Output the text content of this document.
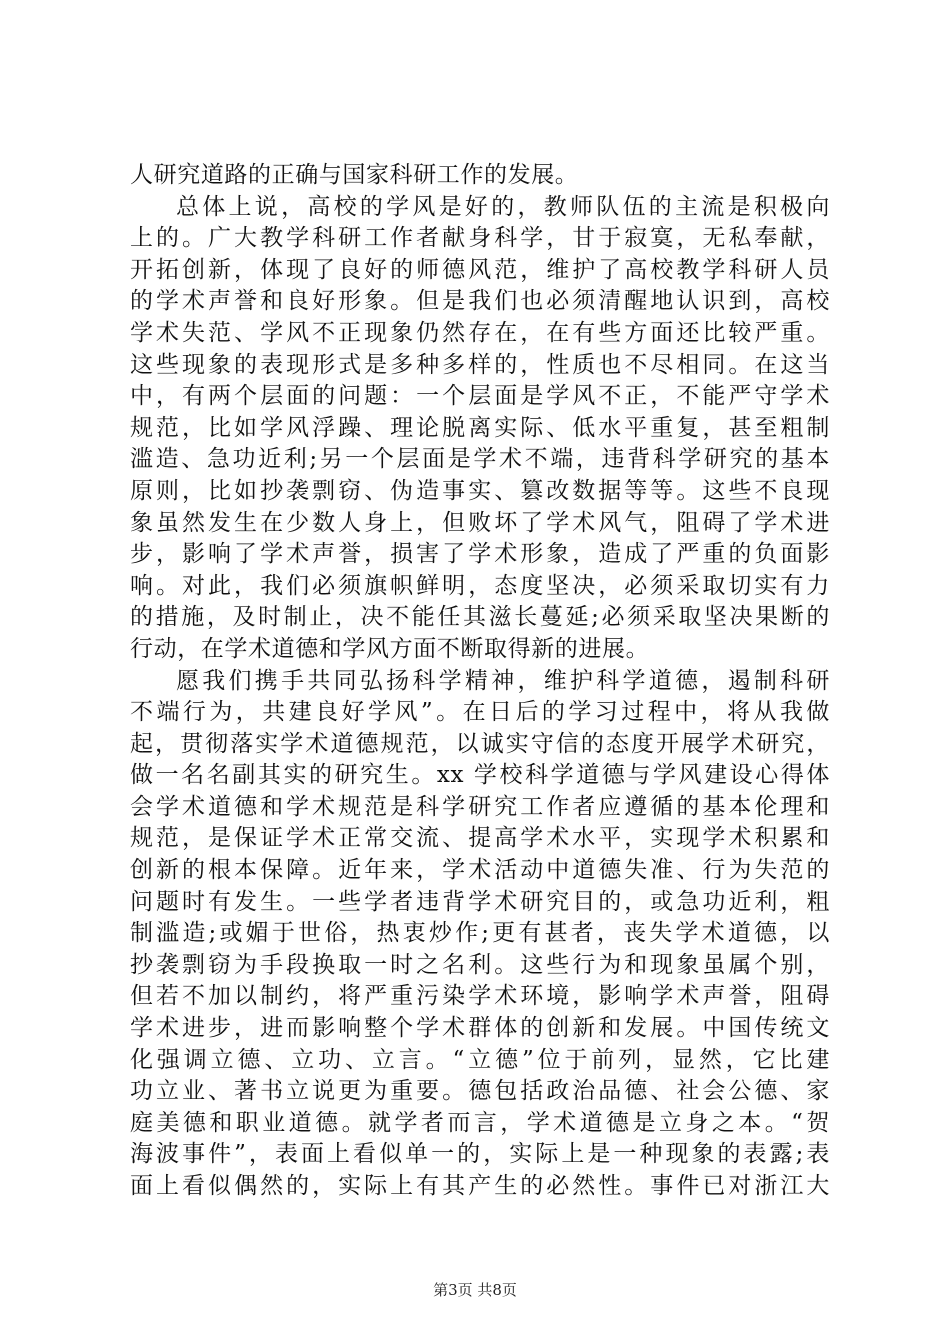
人研究道路的正确与国家科研工作的发展。
总体上说，高校的学风是好的，教师队伍的主流是积极向
上的。广大教学科研工作者献身科学，甘于寂寞，无私奉献，
开拓创新，体现了良好的师德风范，维护了高校教学科研人员
的学术声誉和良好形象。但是我们也必须清醒地认识到，高校
学术失范、学风不正现象仍然存在，在有些方面还比较严重。
这些现象的表现形式是多种多样的，性质也不尽相同。在这当
中，有两个层面的问题：一个层面是学风不正，不能严守学术
规范，比如学风浮躁、理论脱离实际、低水平重复，甚至粗制
滥造、急功近利;另一个层面是学术不端，违背科学研究的基本
原则，比如抄袭剽窃、伪造事实、篡改数据等等。这些不良现
象虽然发生在少数人身上，但败坏了学术风气，阻碍了学术进
步，影响了学术声誉，损害了学术形象，造成了严重的负面影
响。对此，我们必须旗帜鲜明，态度坚决，必须采取切实有力
的措施，及时制止，决不能任其滋长蔓延;必须采取坚决果断的
行动，在学术道德和学风方面不断取得新的进展。
愿我们携手共同弘扬科学精神，维护科学道德，遏制科研
不端行为，共建良好学风”。在日后的学习过程中，将从我做
起，贯彻落实学术道德规范，以诚实守信的态度开展学术研究，
做一名名副其实的研究生。xx 学校科学道德与学风建设心得体
会学术道德和学术规范是科学研究工作者应遵循的基本伦理和
规范，是保证学术正常交流、提高学术水平，实现学术积累和
创新的根本保障。近年来，学术活动中道德失准、行为失范的
问题时有发生。一些学者违背学术研究目的，或急功近利，粗
制滥造;或媚于世俗，热衷炒作;更有甚者，丧失学术道德，以
抄袭剽窃为手段换取一时之名利。这些行为和现象虽属个别，
但若不加以制约，将严重污染学术环境，影响学术声誉，阻碍
学术进步，进而影响整个学术群体的创新和发展。中国传统文
化强调立德、立功、立言。“立德”位于前列，显然，它比建
功立业、著书立说更为重要。德包括政治品德、社会公德、家
庭美德和职业道德。就学者而言，学术道德是立身之本。“贺
海波事件”，表面上看似单一的，实际上是一种现象的表露;表
面上看似偶然的，实际上有其产生的必然性。事件已对浙江大
第3页 共8页
